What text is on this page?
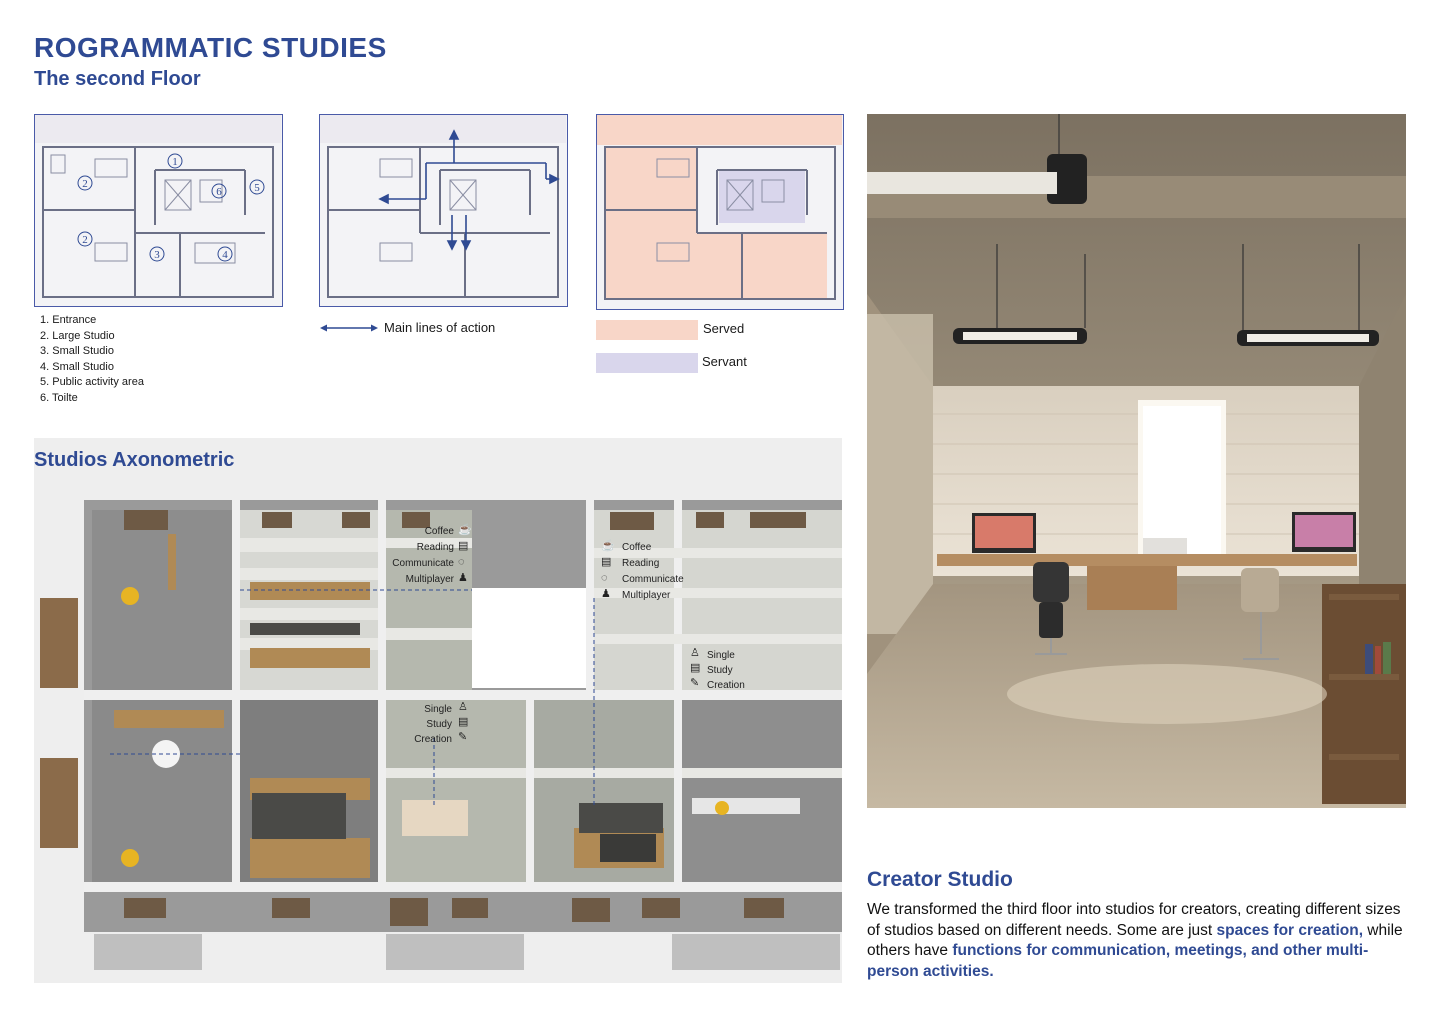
ROGRAMMATIC STUDIES
The second Floor
1
2
2
3	4
5
6
1. Entrance
2. Large Studio
3. Small Studio
4. Small Studio
5. Public activity area
6. Toilte
Main lines of action	Served
Servant
Studios Axonometric
Coffee
Reading
Communicate
Multiplayer
☕
▤
◌
♟
☕
▤
◌
♟
Coffee
Reading
Communicate
Multiplayer
♙
▤
✎
Single
Study
Creation
Single
Study
Creation
♙
▤
✎
Creator Studio

We transformed the third floor into studios for creators, creating different sizes of studios based on different needs. Some are just spaces for creation, while others have functions for communication, meetings, and other multi-person activities.
